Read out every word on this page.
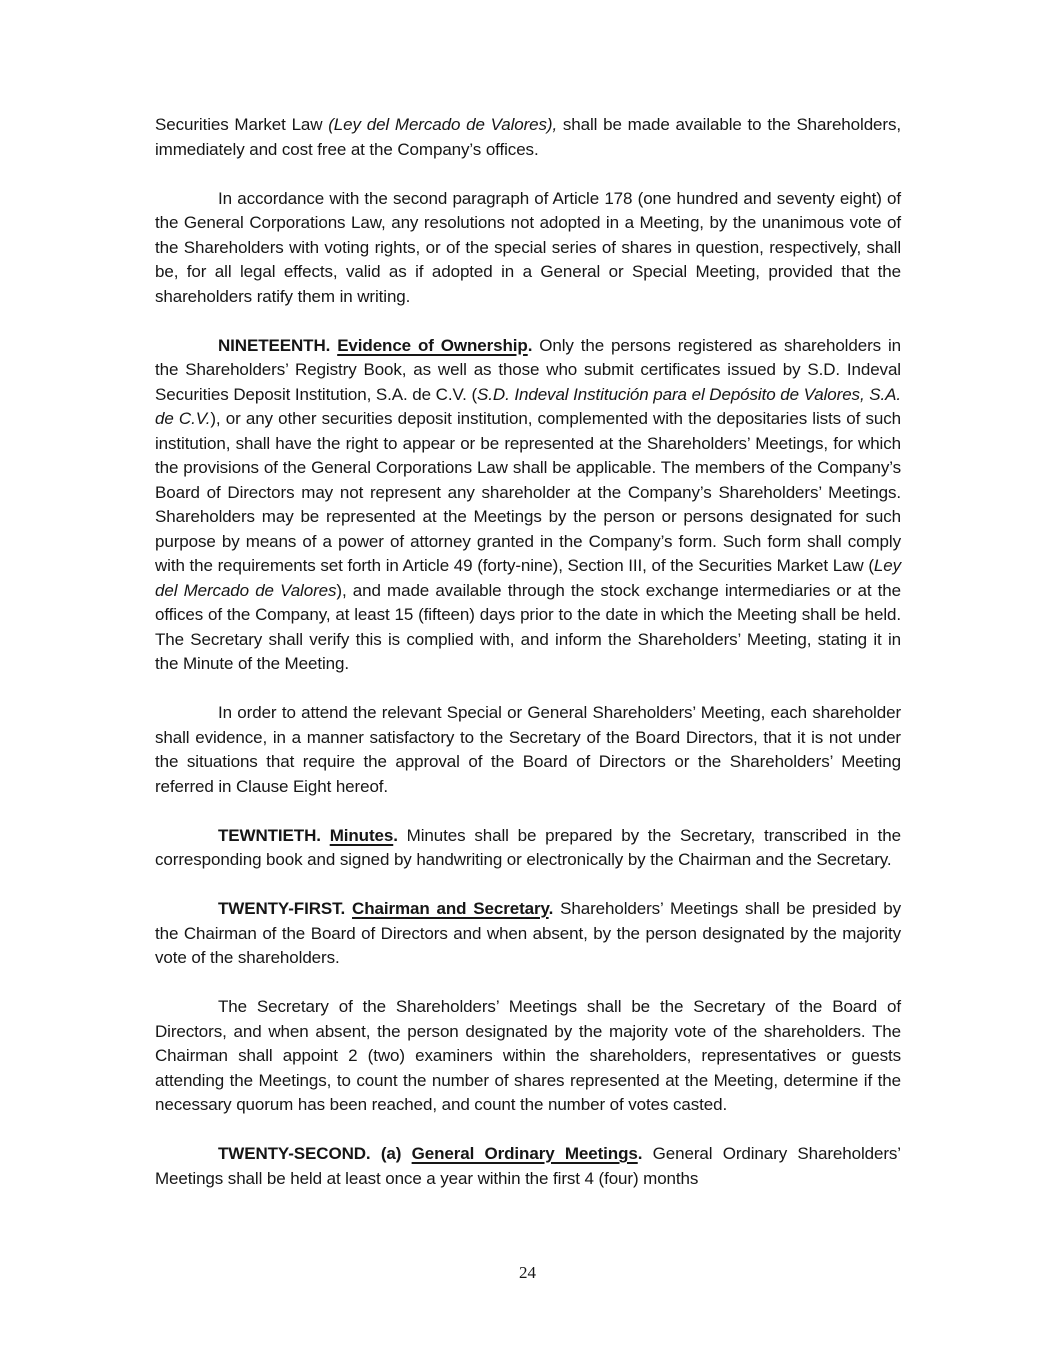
Securities Market Law (Ley del Mercado de Valores), shall be made available to the Shareholders, immediately and cost free at the Company’s offices.

In accordance with the second paragraph of Article 178 (one hundred and seventy eight) of the General Corporations Law, any resolutions not adopted in a Meeting, by the unanimous vote of the Shareholders with voting rights, or of the special series of shares in question, respectively, shall be, for all legal effects, valid as if adopted in a General or Special Meeting, provided that the shareholders ratify them in writing.

NINETEENTH. Evidence of Ownership. Only the persons registered as shareholders in the Shareholders’ Registry Book, as well as those who submit certificates issued by S.D. Indeval Securities Deposit Institution, S.A. de C.V. (S.D. Indeval Institución para el Depósito de Valores, S.A. de C.V.), or any other securities deposit institution, complemented with the depositaries lists of such institution, shall have the right to appear or be represented at the Shareholders’ Meetings, for which the provisions of the General Corporations Law shall be applicable. The members of the Company’s Board of Directors may not represent any shareholder at the Company’s Shareholders’ Meetings. Shareholders may be represented at the Meetings by the person or persons designated for such purpose by means of a power of attorney granted in the Company’s form. Such form shall comply with the requirements set forth in Article 49 (forty-nine), Section III, of the Securities Market Law (Ley del Mercado de Valores), and made available through the stock exchange intermediaries or at the offices of the Company, at least 15 (fifteen) days prior to the date in which the Meeting shall be held. The Secretary shall verify this is complied with, and inform the Shareholders’ Meeting, stating it in the Minute of the Meeting.

In order to attend the relevant Special or General Shareholders’ Meeting, each shareholder shall evidence, in a manner satisfactory to the Secretary of the Board Directors, that it is not under the situations that require the approval of the Board of Directors or the Shareholders’ Meeting referred in Clause Eight hereof.

TEWNTIETH. Minutes. Minutes shall be prepared by the Secretary, transcribed in the corresponding book and signed by handwriting or electronically by the Chairman and the Secretary.

TWENTY-FIRST. Chairman and Secretary. Shareholders’ Meetings shall be presided by the Chairman of the Board of Directors and when absent, by the person designated by the majority vote of the shareholders.

The Secretary of the Shareholders’ Meetings shall be the Secretary of the Board of Directors, and when absent, the person designated by the majority vote of the shareholders. The Chairman shall appoint 2 (two) examiners within the shareholders, representatives or guests attending the Meetings, to count the number of shares represented at the Meeting, determine if the necessary quorum has been reached, and count the number of votes casted.

TWENTY-SECOND. (a) General Ordinary Meetings. General Ordinary Shareholders’ Meetings shall be held at least once a year within the first 4 (four) months

24
